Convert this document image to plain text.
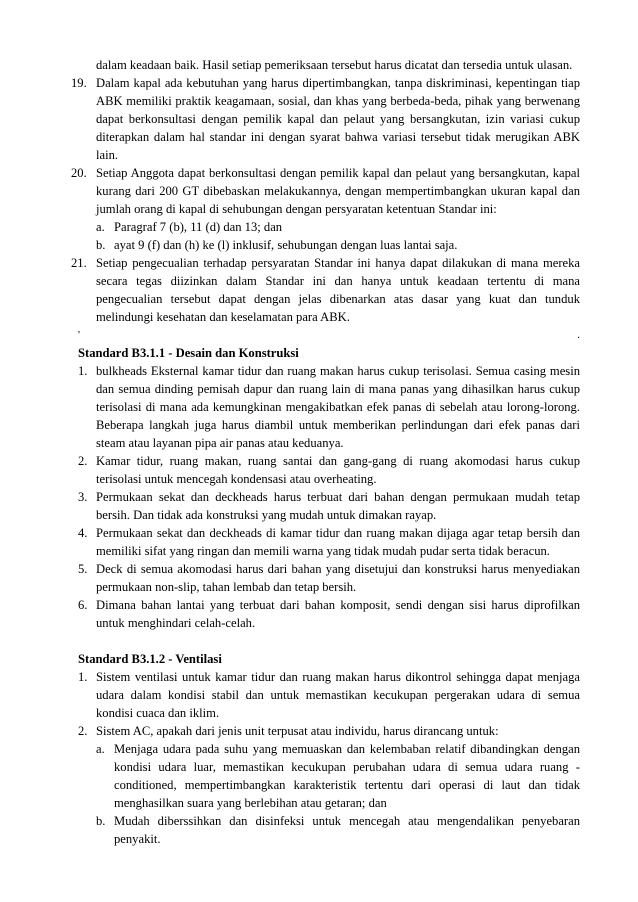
dalam keadaan baik. Hasil setiap pemeriksaan tersebut harus dicatat dan tersedia untuk ulasan.
19. Dalam kapal ada kebutuhan yang harus dipertimbangkan, tanpa diskriminasi, kepentingan tiap ABK memiliki praktik keagamaan, sosial, dan khas yang berbeda-beda, pihak yang berwenang dapat berkonsultasi dengan pemilik kapal dan pelaut yang bersangkutan, izin variasi cukup diterapkan dalam hal standar ini dengan syarat bahwa variasi tersebut tidak merugikan ABK lain.
20. Setiap Anggota dapat berkonsultasi dengan pemilik kapal dan pelaut yang bersangkutan, kapal kurang dari 200 GT dibebaskan melakukannya, dengan mempertimbangkan ukuran kapal dan jumlah orang di kapal di sehubungan dengan persyaratan ketentuan Standar ini:
a. Paragraf 7 (b), 11 (d) dan 13; dan
b. ayat 9 (f) dan (h) ke (l) inklusif, sehubungan dengan luas lantai saja.
21. Setiap pengecualian terhadap persyaratan Standar ini hanya dapat dilakukan di mana mereka secara tegas diizinkan dalam Standar ini dan hanya untuk keadaan tertentu di mana pengecualian tersebut dapat dengan jelas dibenarkan atas dasar yang kuat dan tunduk melindungi kesehatan dan keselamatan para ABK.
'	.
Standard B3.1.1 - Desain dan Konstruksi
1. bulkheads Eksternal kamar tidur dan ruang makan harus cukup terisolasi. Semua casing mesin dan semua dinding pemisah dapur dan ruang lain di mana panas yang dihasilkan harus cukup terisolasi di mana ada kemungkinan mengakibatkan efek panas di sebelah atau lorong-lorong. Beberapa langkah juga harus diambil untuk memberikan perlindungan dari efek panas dari steam atau layanan pipa air panas atau keduanya.
2. Kamar tidur, ruang makan, ruang santai dan gang-gang di ruang akomodasi harus cukup terisolasi untuk mencegah kondensasi atau overheating.
3. Permukaan sekat dan deckheads harus terbuat dari bahan dengan permukaan mudah tetap bersih. Dan tidak ada konstruksi yang mudah untuk dimakan rayap.
4. Permukaan sekat dan deckheads di kamar tidur dan ruang makan dijaga agar tetap bersih dan memiliki sifat yang ringan dan memili warna yang tidak mudah pudar serta tidak beracun.
5. Deck di semua akomodasi harus dari bahan yang disetujui dan konstruksi harus menyediakan permukaan non-slip, tahan lembab dan tetap bersih.
6. Dimana bahan lantai yang terbuat dari bahan komposit, sendi dengan sisi harus diprofilkan untuk menghindari celah-celah.
Standard B3.1.2 - Ventilasi
1. Sistem ventilasi untuk kamar tidur dan ruang makan harus dikontrol sehingga dapat menjaga udara dalam kondisi stabil dan untuk memastikan kecukupan pergerakan udara di semua kondisi cuaca dan iklim.
2. Sistem AC, apakah dari jenis unit terpusat atau individu, harus dirancang untuk:
a. Menjaga udara pada suhu yang memuaskan dan kelembaban relatif dibandingkan dengan kondisi udara luar, memastikan kecukupan perubahan udara di semua udara ruang - conditioned, mempertimbangkan karakteristik tertentu dari operasi di laut dan tidak menghasilkan suara yang berlebihan atau getaran; dan
b. Mudah diberssihkan dan disinfeksi untuk mencegah atau mengendalikan penyebaran penyakit.
